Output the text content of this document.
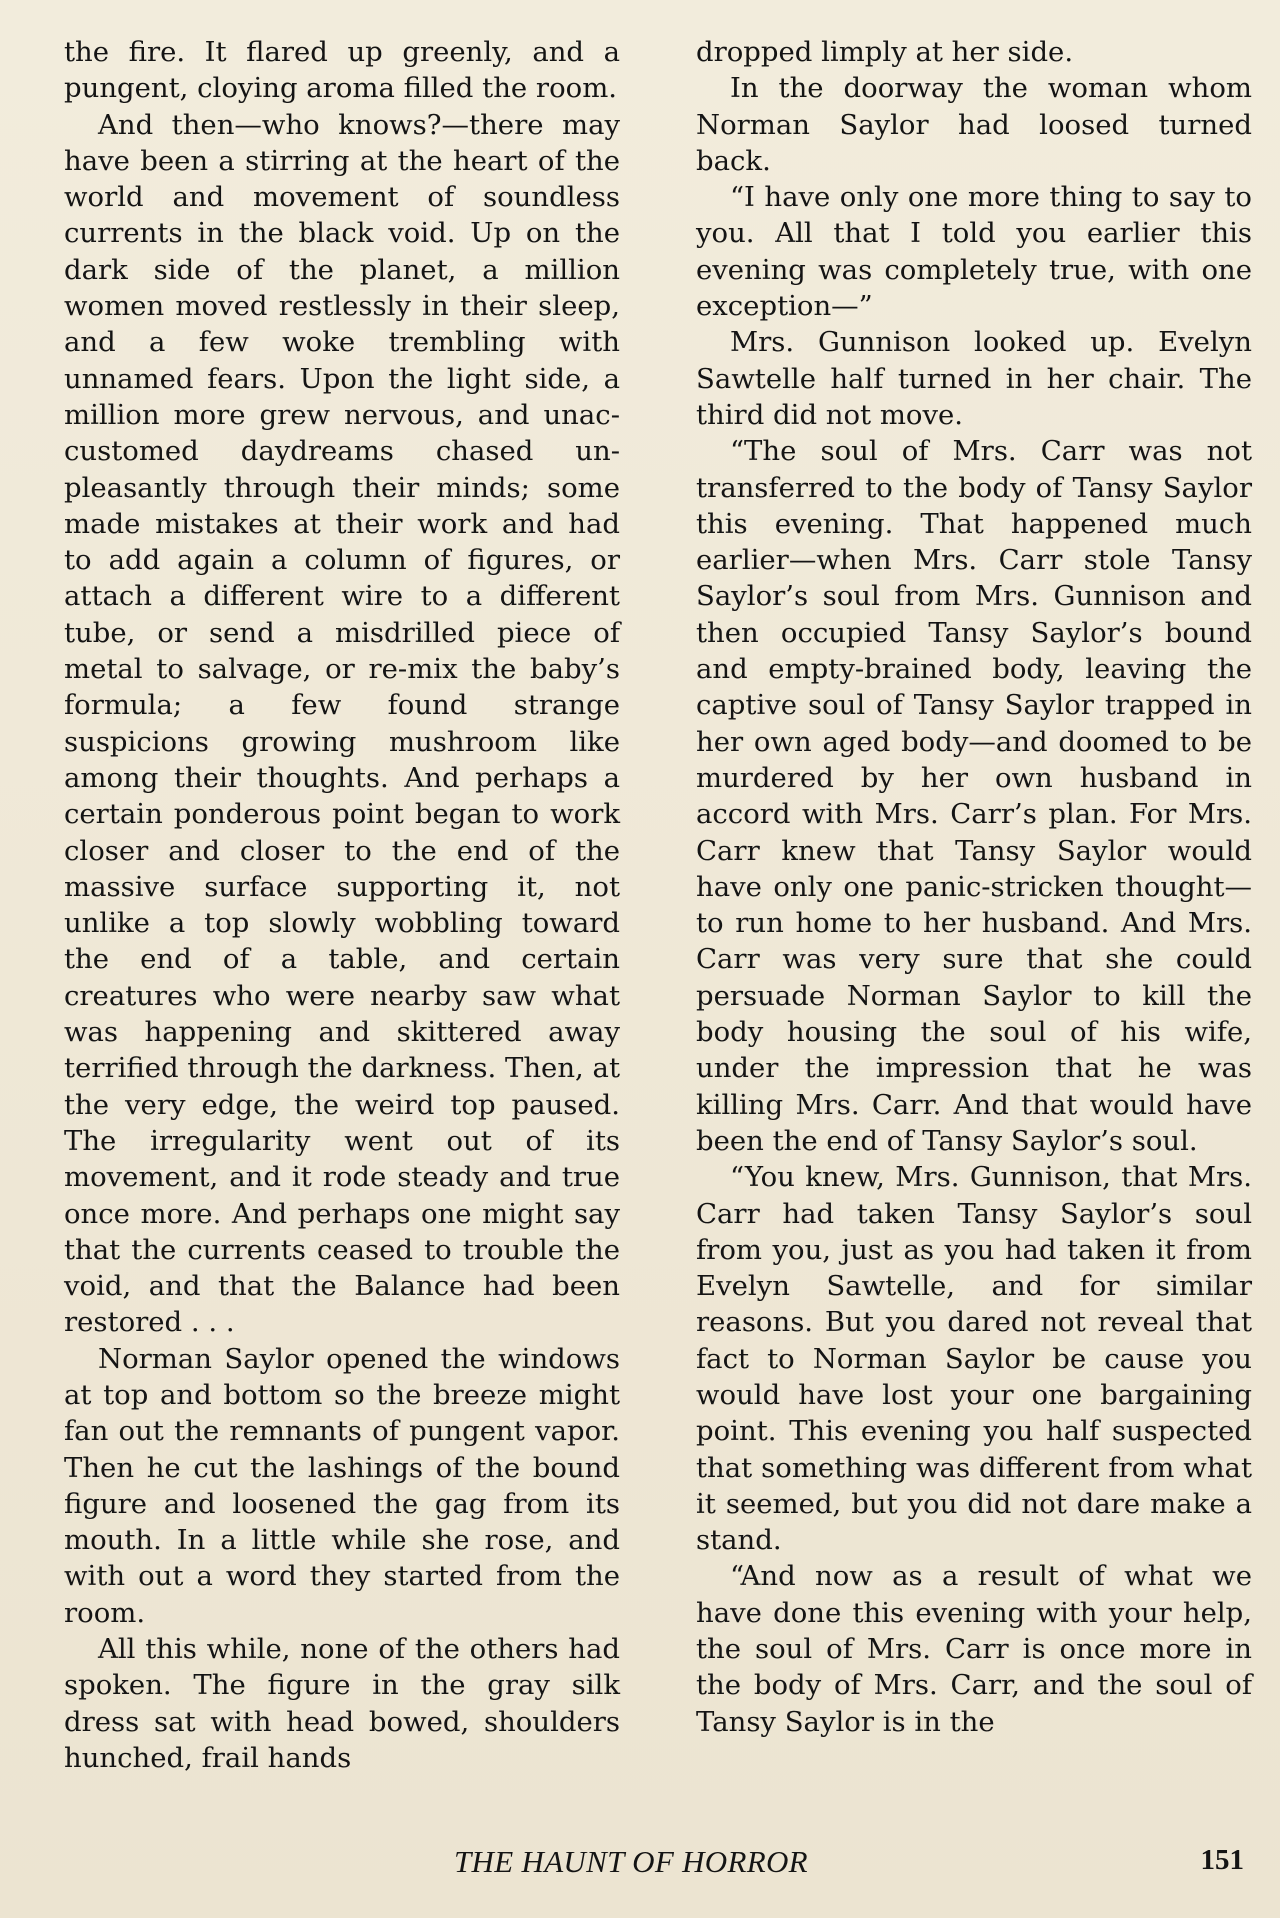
the fire. It flared up greenly, and a pungent, cloying aroma filled the room.

And then—who knows?—there may have been a stirring at the heart of the world and movement of soundless currents in the black void. Up on the dark side of the planet, a million women moved restlessly in their sleep, and a few woke trembling with unnamed fears. Upon the light side, a million more grew nervous, and unaccustomed daydreams chased unpleasantly through their minds; some made mistakes at their work and had to add again a column of figures, or attach a different wire to a different tube, or send a misdrilled piece of metal to salvage, or re-mix the baby’s formula; a few found strange suspicions growing mushroom like among their thoughts. And perhaps a certain ponderous point began to work closer and closer to the end of the massive surface supporting it, not unlike a top slowly wobbling toward the end of a table, and certain creatures who were nearby saw what was happening and skittered away terrified through the darkness. Then, at the very edge, the weird top paused. The irregularity went out of its movement, and it rode steady and true once more. And perhaps one might say that the currents ceased to trouble the void, and that the Balance had been restored . . .

Norman Saylor opened the windows at top and bottom so the breeze might fan out the remnants of pungent vapor. Then he cut the lashings of the bound figure and loosened the gag from its mouth. In a little while she rose, and with out a word they started from the room.

All this while, none of the others had spoken. The figure in the gray silk dress sat with head bowed, shoulders hunched, frail hands

dropped limply at her side.

In the doorway the woman whom Norman Saylor had loosed turned back.

“I have only one more thing to say to you. All that I told you earlier this evening was completely true, with one exception—”

Mrs. Gunnison looked up. Evelyn Sawtelle half turned in her chair. The third did not move.

“The soul of Mrs. Carr was not transferred to the body of Tansy Saylor this evening. That happened much earlier—when Mrs. Carr stole Tansy Saylor’s soul from Mrs. Gunnison and then occupied Tansy Saylor’s bound and empty-brained body, leaving the captive soul of Tansy Saylor trapped in her own aged body—and doomed to be murdered by her own husband in accord with Mrs. Carr’s plan. For Mrs. Carr knew that Tansy Saylor would have only one panic-stricken thought—to run home to her husband. And Mrs. Carr was very sure that she could persuade Norman Saylor to kill the body housing the soul of his wife, under the impression that he was killing Mrs. Carr. And that would have been the end of Tansy Saylor’s soul.

“You knew, Mrs. Gunnison, that Mrs. Carr had taken Tansy Saylor’s soul from you, just as you had taken it from Evelyn Sawtelle, and for similar reasons. But you dared not reveal that fact to Norman Saylor be cause you would have lost your one bargaining point. This evening you half suspected that something was different from what it seemed, but you did not dare make a stand.

“And now as a result of what we have done this evening with your help, the soul of Mrs. Carr is once more in the body of Mrs. Carr, and the soul of Tansy Saylor is in the

THE HAUNT OF HORROR	151
